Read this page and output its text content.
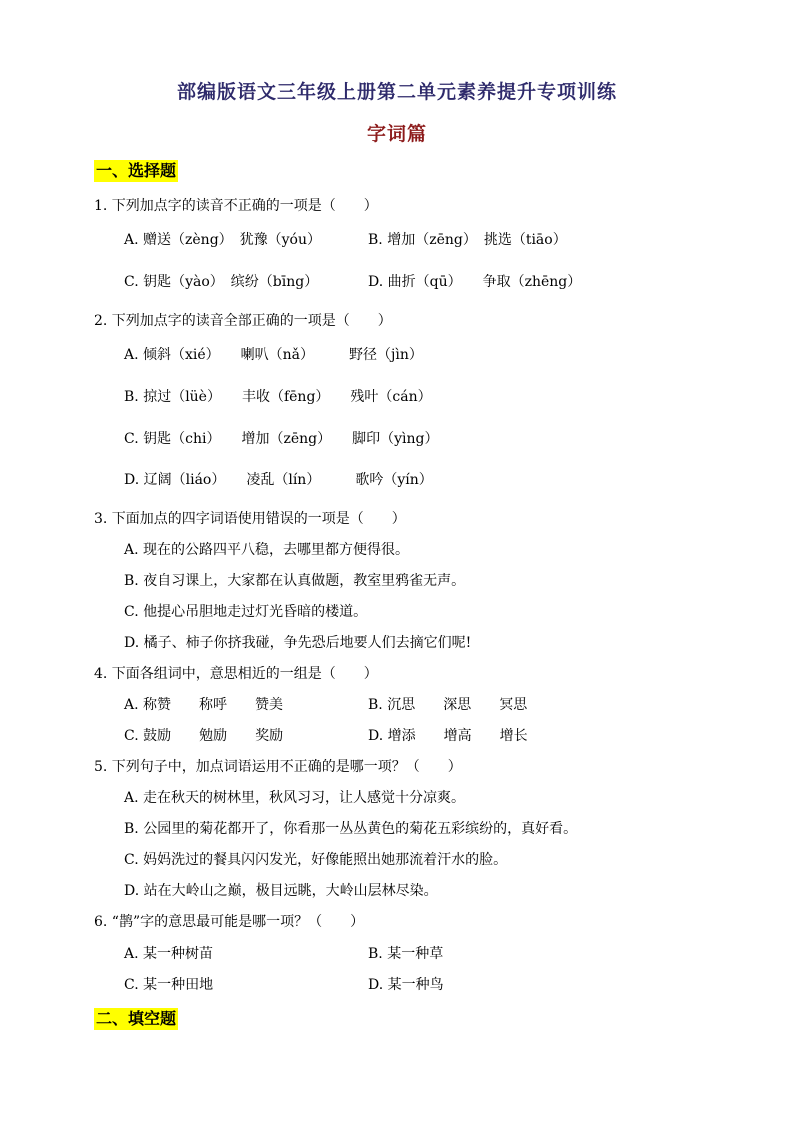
部编版语文三年级上册第二单元素养提升专项训练
字词篇
一、选择题
1. 下列加点字的读音不正确的一项是（　　）
A. 赠送（zèng）　犹豫（yóu）	B. 增加（zēng）　挑选（tiāo）
C. 钥匙（yào）　缤纷（bīng）	D. 曲折（qū）　　争取（zhēng）
2. 下列加点字的读音全部正确的一项是（　　）
A. 倾斜（xié）　　喇叭（nǎ）　　　野径（jìn）
B. 掠过（lüè）　　丰收（fēng）　　残叶（cán）
C. 钥匙（chi）　　增加（zēng）　　脚印（yìng）
D. 辽阔（liáo）　　凌乱（lín）　　　歌吟（yín）
3. 下面加点的四字词语使用错误的一项是（　　）
A. 现在的公路四平八稳，去哪里都方便得很。
B. 夜自习课上，大家都在认真做题，教室里鸦雀无声。
C. 他提心吊胆地走过灯光昏暗的楼道。
D. 橘子、柿子你挤我碰，争先恐后地要人们去摘它们呢!
4. 下面各组词中，意思相近的一组是（　　）
A. 称赞　　称呼　　赞美	B. 沉思　　深思　　冥思
C. 鼓励　　勉励　　奖励	D. 增添　　增高　　增长
5. 下列句子中，加点词语运用不正确的是哪一项？（　　）
A. 走在秋天的树林里，秋风习习，让人感觉十分凉爽。
B. 公园里的菊花都开了，你看那一丛丛黄色的菊花五彩缤纷的，真好看。
C. 妈妈洗过的餐具闪闪发光，好像能照出她那流着汗水的脸。
D. 站在大岭山之巅，极目远眺，大岭山层林尽染。
6. “鹊”字的意思最可能是哪一项？（　　）
A. 某一种树苗	B. 某一种草
C. 某一种田地	D. 某一种鸟
二、填空题
